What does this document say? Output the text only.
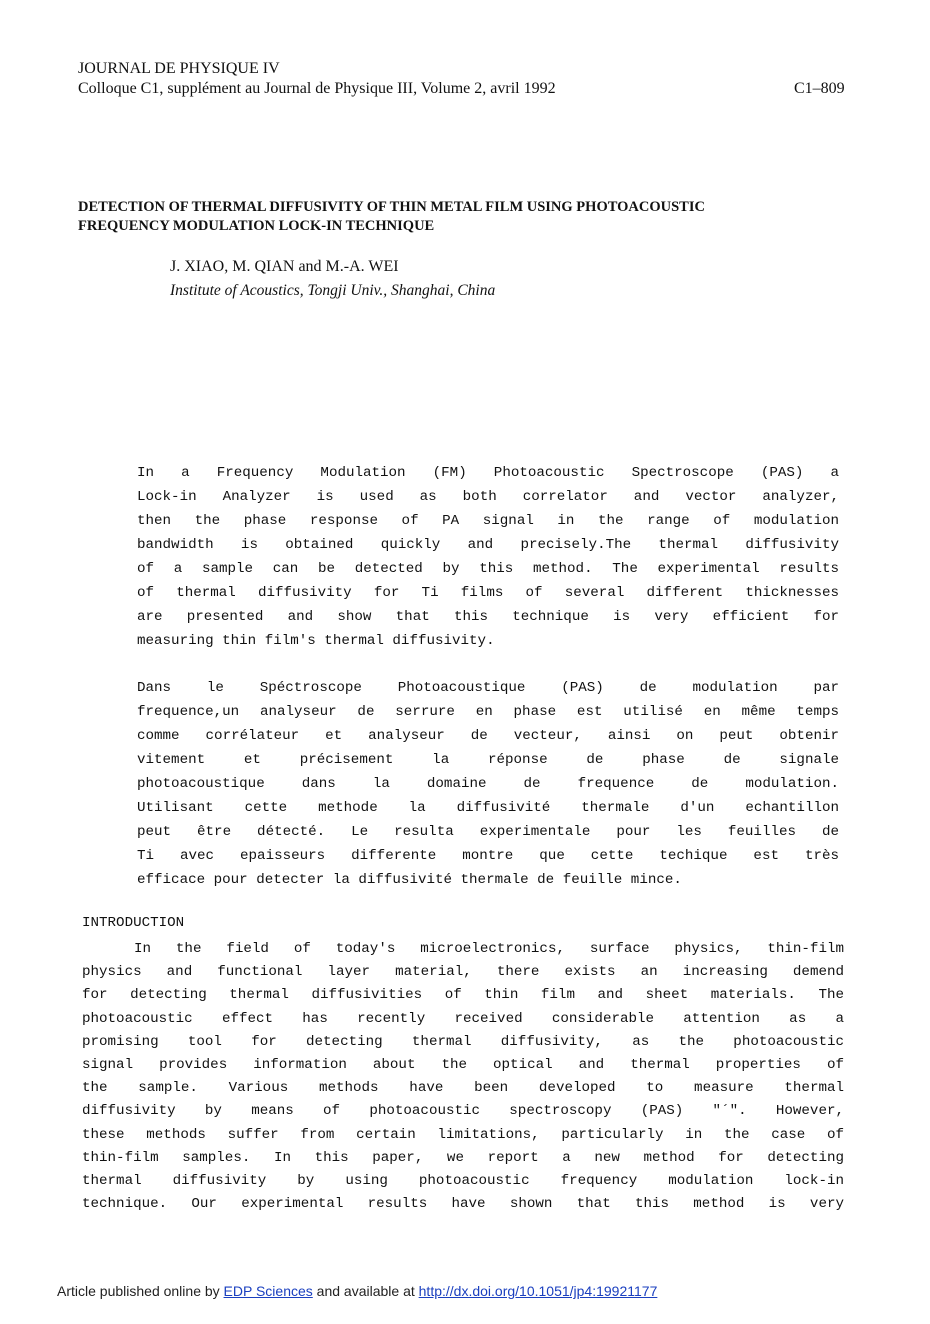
JOURNAL DE PHYSIQUE IV
Colloque C1, supplément au Journal de Physique III, Volume 2, avril 1992	C1–809
DETECTION OF THERMAL DIFFUSIVITY OF THIN METAL FILM USING PHOTOACOUSTIC
FREQUENCY MODULATION LOCK-IN TECHNIQUE
J. XIAO, M. QIAN and M.-A. WEI
Institute of Acoustics, Tongji Univ., Shanghai, China
In a Frequency Modulation (FM) Photoacoustic Spectroscope (PAS) a
Lock-in Analyzer is used as both correlator and vector analyzer,
then the phase response of PA signal in the range of modulation
bandwidth is obtained quickly and precisely.The thermal diffusivity
of a sample can be detected by this method. The experimental results
of thermal diffusivity for Ti films of several different thicknesses
are presented and show that this technique is very efficient for
measuring thin film's thermal diffusivity.
Dans le Spéctroscope Photoacoustique (PAS) de modulation par
frequence,un analyseur de serrure en phase est utilisé en même temps
comme corrélateur et analyseur de vecteur, ainsi on peut obtenir
vitement et précisement la réponse de phase de signale
photoacoustique dans la domaine de frequence de modulation.
Utilisant cette methode la diffusivité thermale d'un echantillon
peut être détecté. Le resulta experimentale pour les feuilles de
Ti avec epaisseurs differente montre que cette techique est très
efficace pour detecter la diffusivité thermale de feuille mince.
INTRODUCTION
In the field of today's microelectronics, surface physics, thin-film
physics and functional layer material, there exists an increasing demend
for detecting thermal diffusivities of thin film and sheet materials. The
photoacoustic effect has recently received considerable attention as a
promising tool for detecting thermal diffusivity, as the photoacoustic
signal provides information about the optical and thermal properties of
the sample. Various methods have been developed to measure thermal
diffusivity by means of photoacoustic spectroscopy (PAS) "´". However,
these methods suffer from certain limitations, particularly in the case of
thin-film samples. In this paper, we report a new method for detecting
thermal diffusivity by using photoacoustic frequency modulation lock-in
technique. Our experimental results have shown that this method is very
Article published online by EDP Sciences and available at http://dx.doi.org/10.1051/jp4:19921177
